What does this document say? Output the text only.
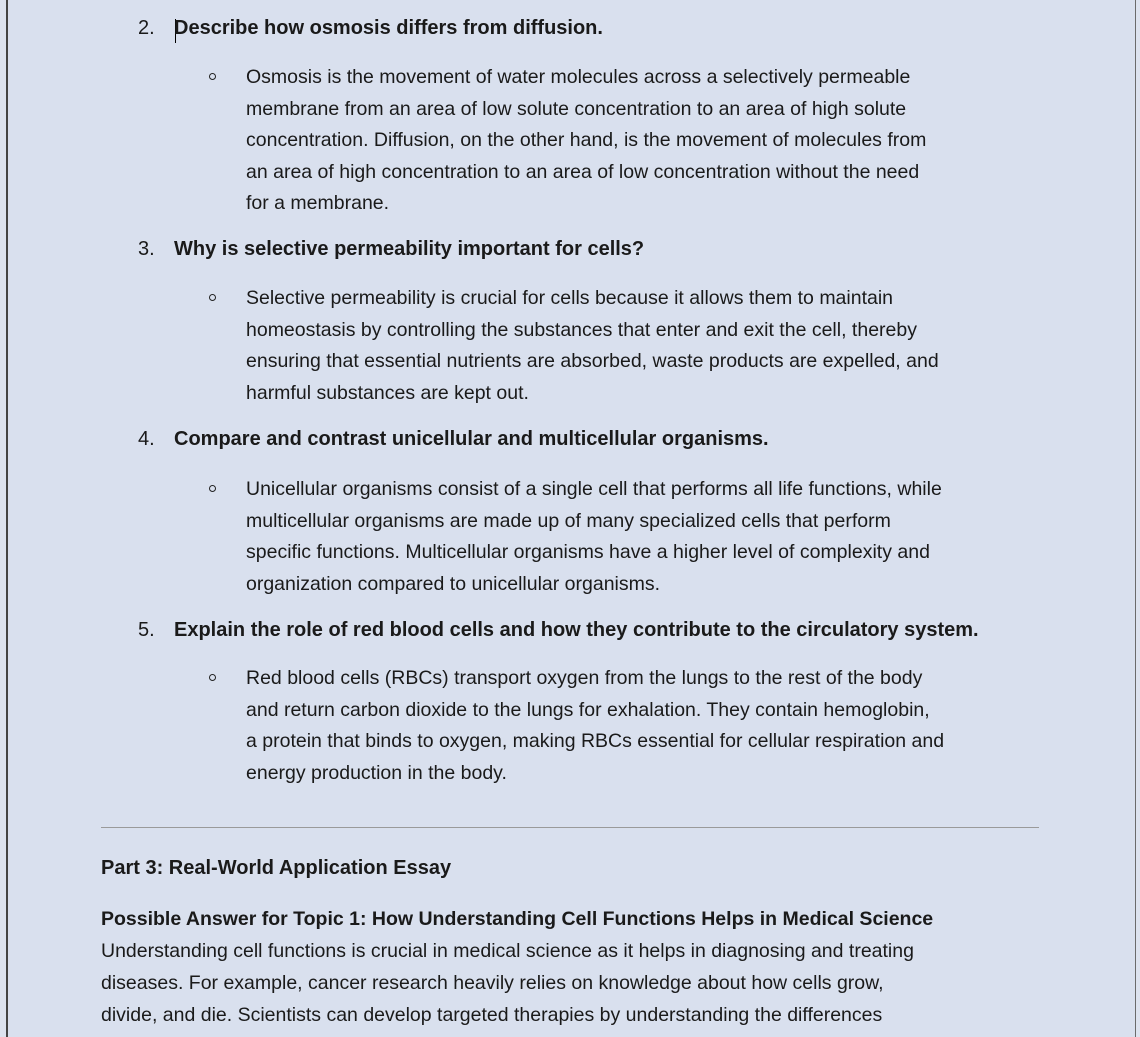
2. Describe how osmosis differs from diffusion.
Osmosis is the movement of water molecules across a selectively permeable
membrane from an area of low solute concentration to an area of high solute
concentration. Diffusion, on the other hand, is the movement of molecules from
an area of high concentration to an area of low concentration without the need
for a membrane.
3. Why is selective permeability important for cells?
Selective permeability is crucial for cells because it allows them to maintain
homeostasis by controlling the substances that enter and exit the cell, thereby
ensuring that essential nutrients are absorbed, waste products are expelled, and
harmful substances are kept out.
4. Compare and contrast unicellular and multicellular organisms.
Unicellular organisms consist of a single cell that performs all life functions, while
multicellular organisms are made up of many specialized cells that perform
specific functions. Multicellular organisms have a higher level of complexity and
organization compared to unicellular organisms.
5. Explain the role of red blood cells and how they contribute to the circulatory system.
Red blood cells (RBCs) transport oxygen from the lungs to the rest of the body
and return carbon dioxide to the lungs for exhalation. They contain hemoglobin,
a protein that binds to oxygen, making RBCs essential for cellular respiration and
energy production in the body.
Part 3: Real-World Application Essay
Possible Answer for Topic 1: How Understanding Cell Functions Helps in Medical Science
Understanding cell functions is crucial in medical science as it helps in diagnosing and treating
diseases. For example, cancer research heavily relies on knowledge about how cells grow,
divide, and die. Scientists can develop targeted therapies by understanding the differences
